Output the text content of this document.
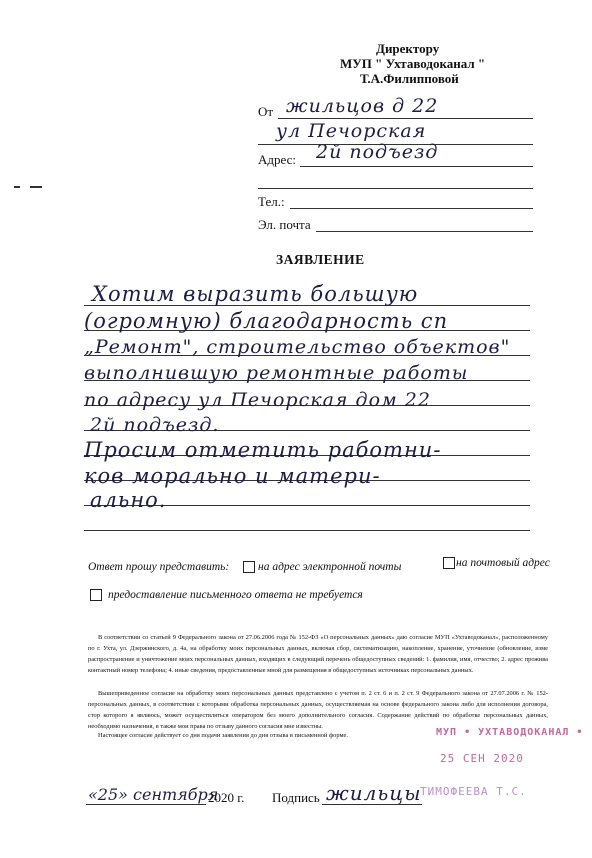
Директору
МУП " Ухтаводоканал "
Т.А.Филипповой
От жильцов д 22
ул Печорская
Адрес: 2й подъезд
Тел.:
Эл. почта
ЗАЯВЛЕНИЕ
Хотим выразить большую
(огромную) благодарность сп
„Ремонт", строительство объектов"
выполнившую ремонтные работы
по адресу ул Печорская дом 22
2й подъезд.
Просим отметить работни-
ков морально и матери-
ально.
Ответ прошу представить:	на адрес электронной почты	на почтовый адрес
предоставление письменного ответа не требуется
В соответствии со статьей 9 Федерального закона от 27.06.2006 года № 152-ФЗ «О персональных данных» даю согласие МУП «Ухтаводоканал», расположенному по г. Ухта, ул. Дзержинского, д. 4а, на обработку моих персональных данных, включая сбор, систематизацию, накопление, хранение, уточнение (обновление, изме распространение и уничтожение моих персональных данных, входящих в следующий перечень общедоступных сведений: 1. фамилия, имя, отчество; 2. адрес прожива контактный номер телефона; 4. иные сведения, предоставленные мной для размещения в общедоступных источниках персональных данных.
Вышеприведенное согласие на обработку моих персональных данных представлено с учетом п. 2 ст. 6 и п. 2 ст. 9 Федерального закона от 27.07.2006 г. № 152- персональных данных, в соответствии с которыми обработка персональных данных, осуществляемая на основе федерального закона либо для исполнения договора, стор которого я являюсь, может осуществляться оператором без моего дополнительного согласия. Содержание действий по обработке персональных данных, необходимо назначения, в также мои права по отзыву данного согласия мне известны.
Настоящее согласие действует со дня подачи заявления до дня отзыва в письменной форме.	МУП • УХТАВОДОКАНАЛ •
25 СЕН 2020
ТИМОФЕЕВА Т.С.
«25» сентября
2020 г. Подпись жильцы
